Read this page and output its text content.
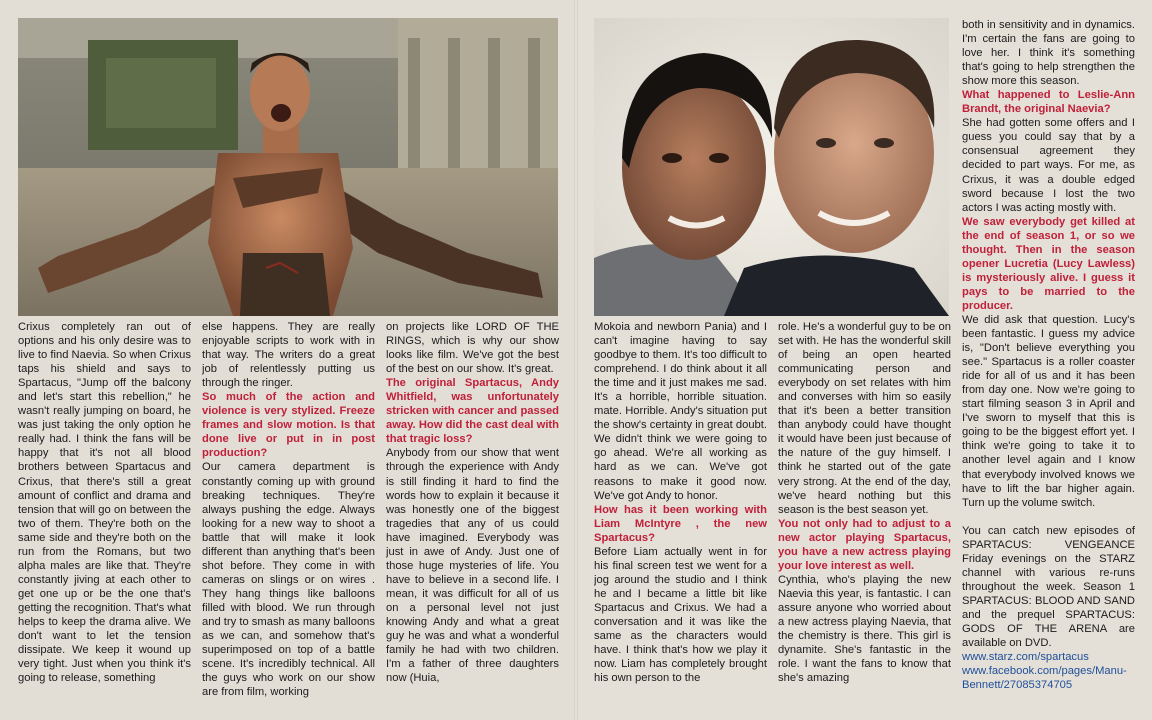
Crixus completely ran out of options and his only desire was to live to find Naevia. So when Crixus taps his shield and says to Spartacus, "Jump off the balcony and let's start this rebellion," he wasn't really jumping on board, he was just taking the only option he really had. I think the fans will be happy that it's not all blood brothers between Spartacus and Crixus, that there's still a great amount of conflict and drama and tension that will go on between the two of them. They're both on the same side and they're both on the run from the Romans, but two alpha males are like that. They're constantly jiving at each other to get one up or be the one that's getting the recognition. That's what helps to keep the drama alive. We don't want to let the tension dissipate. We keep it wound up very tight. Just when you think it's going to release, something

else happens. They are really enjoyable scripts to work with in that way. The writers do a great job of relentlessly putting us through the ringer.

So much of the action and violence is very stylized. Freeze frames and slow motion. Is that done live or put in in post production?

Our camera department is constantly coming up with ground breaking techniques. They're always pushing the edge. Always looking for a new way to shoot a battle that will make it look different than anything that's been shot before. They come in with cameras on slings or on wires . They hang things like balloons filled with blood. We run through and try to smash as many balloons as we can, and somehow that's superimposed on top of a battle scene. It's incredibly technical. All the guys who work on our show are from film, working

on projects like LORD OF THE RINGS, which is why our show looks like film. We've got the best of the best on our show. It's great.

The original Spartacus, Andy Whitfield, was unfortunately stricken with cancer and passed away. How did the cast deal with that tragic loss?

Anybody from our show that went through the experience with Andy is still finding it hard to find the words how to explain it because it was honestly one of the biggest tragedies that any of us could have imagined. Everybody was just in awe of Andy. Just one of those huge mysteries of life. You have to believe in a second life. I mean, it was difficult for all of us on a personal level not just knowing Andy and what a great guy he was and what a wonderful family he had with two children. I'm a father of three daughters now (Huia,

Mokoia and newborn Pania) and I can't imagine having to say goodbye to them. It's too difficult to comprehend. I do think about it all the time and it just makes me sad. It's a horrible, horrible situation. mate. Horrible. Andy's situation put the show's certainty in great doubt. We didn't think we were going to go ahead. We're all working as hard as we can. We've got reasons to make it good now. We've got Andy to honor.

How has it been working with Liam McIntyre , the new Spartacus?

Before Liam actually went in for his final screen test we went for a jog around the studio and I think he and I became a little bit like Spartacus and Crixus. We had a conversation and it was like the same as the characters would have. I think that's how we play it now. Liam has completely brought his own person to the

role. He's a wonderful guy to be on set with. He has the wonderful skill of being an open hearted communicating person and everybody on set relates with him and converses with him so easily that it's been a better transition than anybody could have thought it would have been just because of the nature of the guy himself. I think he started out of the gate very strong. At the end of the day, we've heard nothing but this season is the best season yet.

You not only had to adjust to a new actor playing Spartacus, you have a new actress playing your love interest as well.

Cynthia, who's playing the new Naevia this year, is fantastic. I can assure anyone who worried about a new actress playing Naevia, that the chemistry is there. This girl is dynamite. She's fantastic in the role. I want the fans to know that she's amazing

both in sensitivity and in dynamics. I'm certain the fans are going to love her. I think it's something that's going to help strengthen the show more this season.

What happened to Leslie-Ann Brandt, the original Naevia?

She had gotten some offers and I guess you could say that by a consensual agreement they decided to part ways. For me, as Crixus, it was a double edged sword because I lost the two actors I was acting mostly with.

We saw everybody get killed at the end of season 1, or so we thought. Then in the season opener Lucretia (Lucy Lawless) is mysteriously alive. I guess it pays to be married to the producer.

We did ask that question. Lucy's been fantastic. I guess my advice is, "Don't believe everything you see." Spartacus is a roller coaster ride for all of us and it has been from day one. Now we're going to start filming season 3 in April and I've sworn to myself that this is going to be the biggest effort yet. I think we're going to take it to another level again and I know that everybody involved knows we have to lift the bar higher again. Turn up the volume switch.

You can catch new episodes of SPARTACUS: VENGEANCE Friday evenings on the STARZ channel with various re-runs throughout the week. Season 1 SPARTACUS: BLOOD AND SAND and the prequel SPARTACUS: GODS OF THE ARENA are available on DVD.

www.starz.com/spartacus

www.facebook.com/pages/Manu-Bennett/27085374705
